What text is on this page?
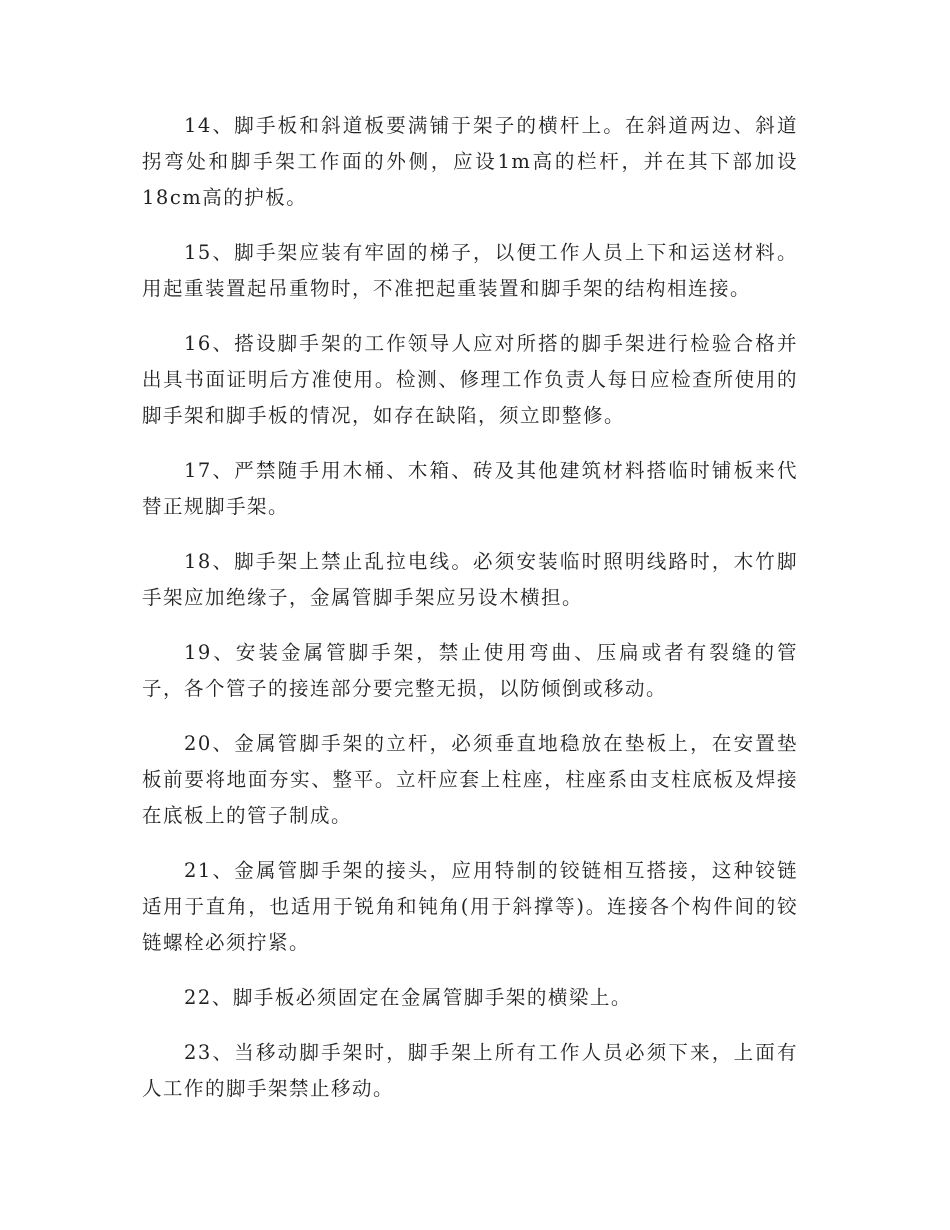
14、脚手板和斜道板要满铺于架子的横杆上。在斜道两边、斜道拐弯处和脚手架工作面的外侧，应设1m高的栏杆，并在其下部加设18cm高的护板。

15、脚手架应装有牢固的梯子，以便工作人员上下和运送材料。用起重装置起吊重物时，不准把起重装置和脚手架的结构相连接。

16、搭设脚手架的工作领导人应对所搭的脚手架进行检验合格并出具书面证明后方准使用。检测、修理工作负责人每日应检查所使用的脚手架和脚手板的情况，如存在缺陷，须立即整修。

17、严禁随手用木桶、木箱、砖及其他建筑材料搭临时铺板来代替正规脚手架。

18、脚手架上禁止乱拉电线。必须安装临时照明线路时，木竹脚手架应加绝缘子，金属管脚手架应另设木横担。

19、安装金属管脚手架，禁止使用弯曲、压扁或者有裂缝的管子，各个管子的接连部分要完整无损，以防倾倒或移动。

20、金属管脚手架的立杆，必须垂直地稳放在垫板上，在安置垫板前要将地面夯实、整平。立杆应套上柱座，柱座系由支柱底板及焊接在底板上的管子制成。

21、金属管脚手架的接头，应用特制的铰链相互搭接，这种铰链适用于直角，也适用于锐角和钝角(用于斜撑等)。连接各个构件间的铰链螺栓必须拧紧。

22、脚手板必须固定在金属管脚手架的横梁上。

23、当移动脚手架时，脚手架上所有工作人员必须下来，上面有人工作的脚手架禁止移动。
